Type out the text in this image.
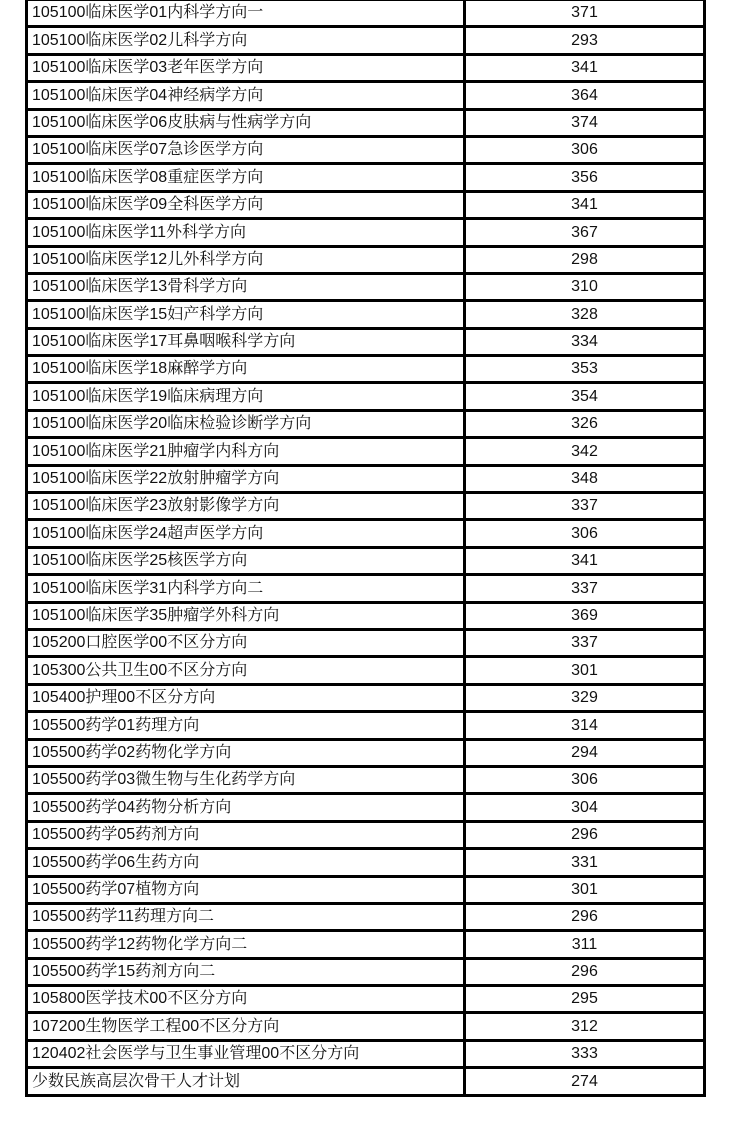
105100临床医学01内科学方向一	371
105100临床医学02儿科学方向	293
105100临床医学03老年医学方向	341
105100临床医学04神经病学方向	364
105100临床医学06皮肤病与性病学方向	374
105100临床医学07急诊医学方向	306
105100临床医学08重症医学方向	356
105100临床医学09全科医学方向	341
105100临床医学11外科学方向	367
105100临床医学12儿外科学方向	298
105100临床医学13骨科学方向	310
105100临床医学15妇产科学方向	328
105100临床医学17耳鼻咽喉科学方向	334
105100临床医学18麻醉学方向	353
105100临床医学19临床病理方向	354
105100临床医学20临床检验诊断学方向	326
105100临床医学21肿瘤学内科方向	342
105100临床医学22放射肿瘤学方向	348
105100临床医学23放射影像学方向	337
105100临床医学24超声医学方向	306
105100临床医学25核医学方向	341
105100临床医学31内科学方向二	337
105100临床医学35肿瘤学外科方向	369
105200口腔医学00不区分方向	337
105300公共卫生00不区分方向	301
105400护理00不区分方向	329
105500药学01药理方向	314
105500药学02药物化学方向	294
105500药学03微生物与生化药学方向	306
105500药学04药物分析方向	304
105500药学05药剂方向	296
105500药学06生药方向	331
105500药学07植物方向	301
105500药学11药理方向二	296
105500药学12药物化学方向二	311
105500药学15药剂方向二	296
105800医学技术00不区分方向	295
107200生物医学工程00不区分方向	312
120402社会医学与卫生事业管理00不区分方向	333
少数民族高层次骨干人才计划	274
